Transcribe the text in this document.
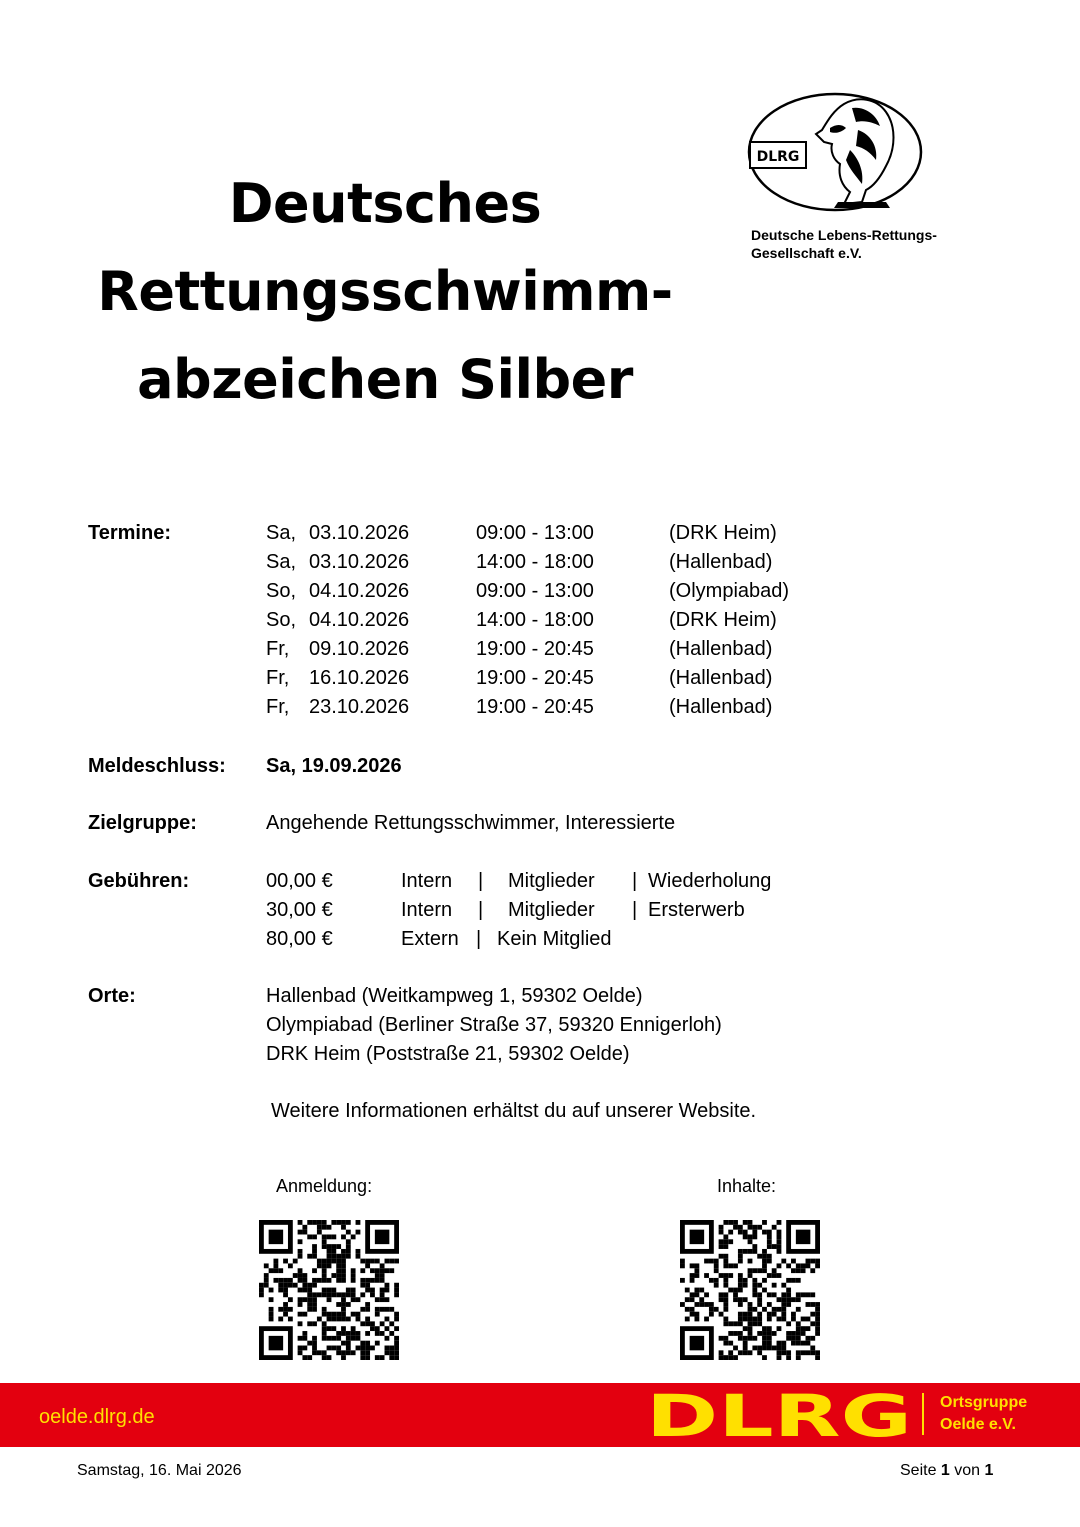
Deutsches
Rettungsschwimm-
abzeichen Silber
DLRG
Deutsche Lebens-Rettungs-
Gesellschaft e.V.
Termine:	Sa, 03.10.2026	09:00 - 13:00	(DRK Heim)
Sa, 03.10.2026	14:00 - 18:00	(Hallenbad)
So, 04.10.2026	09:00 - 13:00	(Olympiabad)
So, 04.10.2026	14:00 - 18:00	(DRK Heim)
Fr, 09.10.2026	19:00 - 20:45	(Hallenbad)
Fr, 16.10.2026	19:00 - 20:45	(Hallenbad)
Fr, 23.10.2026	19:00 - 20:45	(Hallenbad)
Meldeschluss: Sa, 19.09.2026
Zielgruppe:	Angehende Rettungsschwimmer, Interessierte
Gebühren:	00,00 €	Intern | Mitglieder | Wiederholung
30,00 €	Intern | Mitglieder | Ersterwerb
80,00 €	Extern | Kein Mitglied
Orte:	Hallenbad (Weitkampweg 1, 59302 Oelde)
Olympiabad (Berliner Straße 37, 59320 Ennigerloh)
DRK Heim (Poststraße 21, 59302 Oelde)
Weitere Informationen erhältst du auf unserer Website.
Anmeldung:	Inhalte:
oelde.dlrg.de	DLRG Ortsgruppe
Oelde e.V.
Samstag, 16. Mai 2026	Seite 1 von 1
